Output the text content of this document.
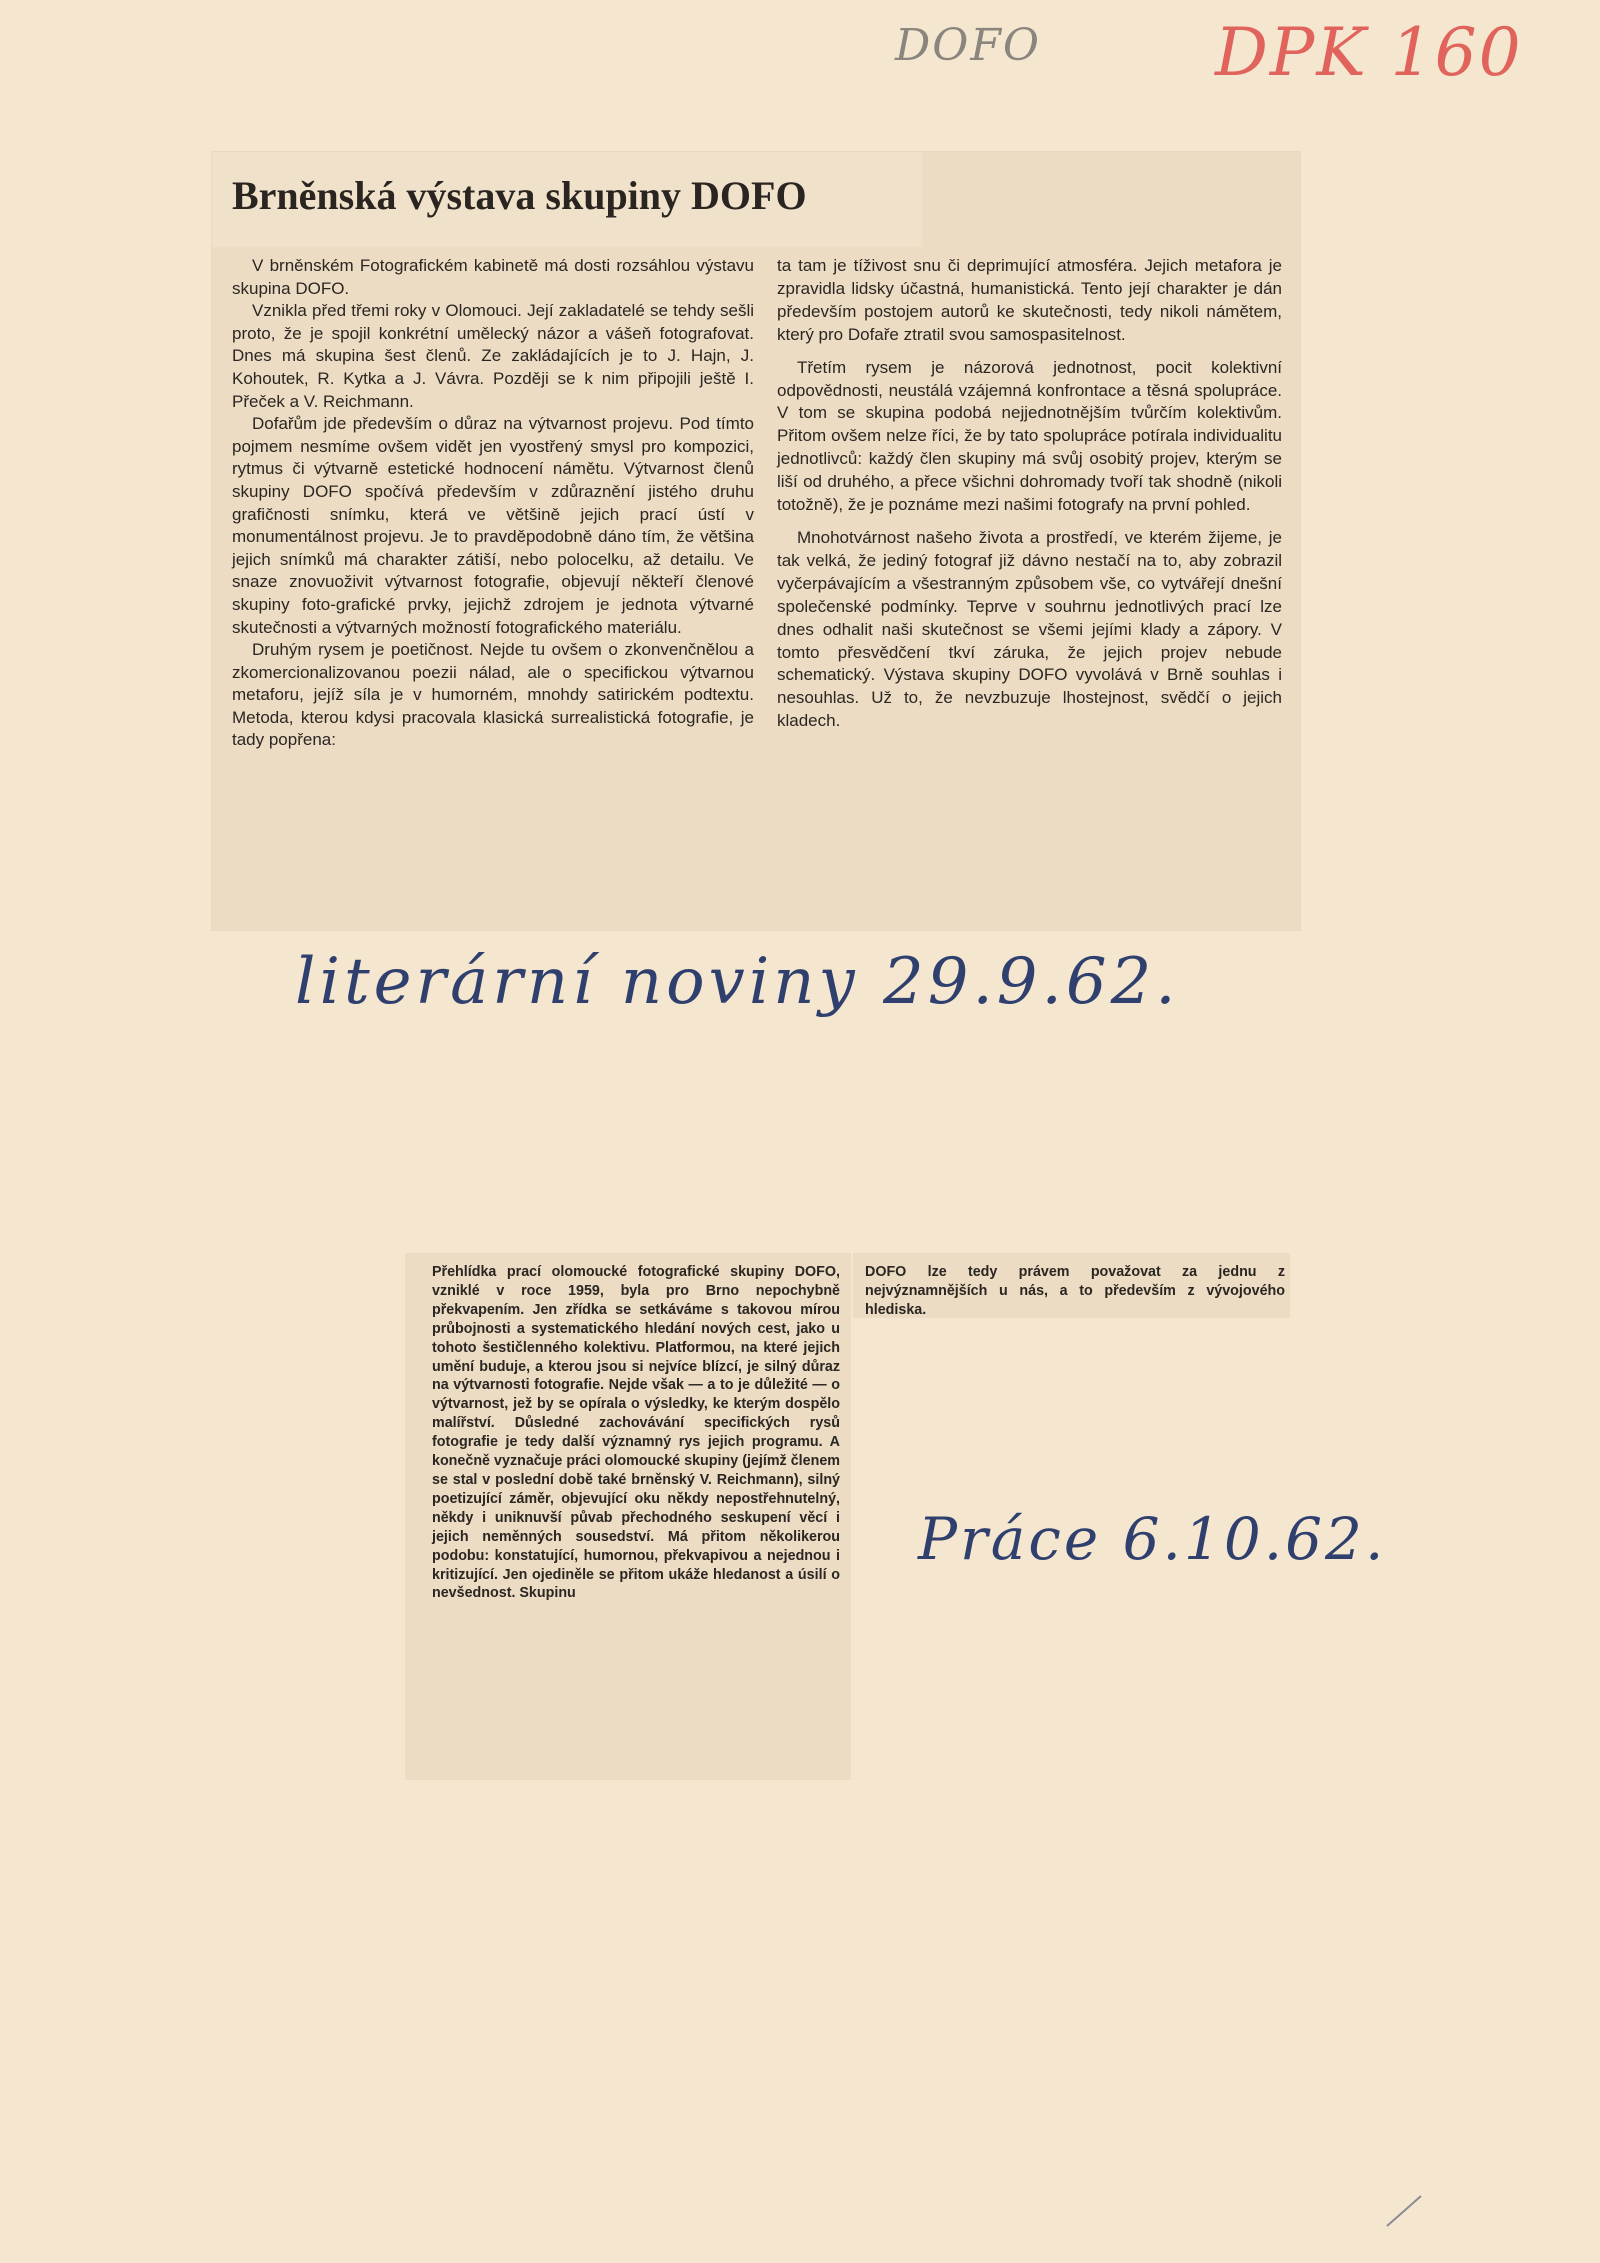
DOFO	DPK 160
Brněnská výstava skupiny DOFO

V brněnském Fotografickém kabinetě má dosti rozsáhlou výstavu skupina DOFO.

Vznikla před třemi roky v Olomouci. Její zakladatelé se tehdy sešli proto, že je spojil konkrétní umělecký názor a vášeň fotografovat. Dnes má skupina šest členů. Ze zakládajících je to J. Hajn, J. Kohoutek, R. Kytka a J. Vávra. Později se k nim připojili ještě I. Přeček a V. Reichmann.

Dofařům jde především o důraz na výtvarnost projevu. Pod tímto pojmem nesmíme ovšem vidět jen vyostřený smysl pro kompozici, rytmus či výtvarně estetické hodnocení námětu. Výtvarnost členů skupiny DOFO spočívá především v zdůraznění jistého druhu grafičnosti snímku, která ve většině jejich prací ústí v monumentálnost projevu. Je to pravděpodobně dáno tím, že většina jejich snímků má charakter zátiší, nebo polocelku, až detailu. Ve snaze znovuoživit výtvarnost fotografie, objevují někteří členové skupiny foto-grafické prvky, jejichž zdrojem je jednota výtvarné skutečnosti a výtvarných možností fotografického materiálu.

Druhým rysem je poetičnost. Nejde tu ovšem o zkonvenčnělou a zkomercionalizovanou poezii nálad, ale o specifickou výtvarnou metaforu, jejíž síla je v humorném, mnohdy satirickém podtextu. Metoda, kterou kdysi pracovala klasická surrealistická fotografie, je tady popřena:

ta tam je tíživost snu či deprimující atmosféra. Jejich metafora je zpravidla lidsky účastná, humanistická. Tento její charakter je dán především postojem autorů ke skutečnosti, tedy nikoli námětem, který pro Dofaře ztratil svou samospasitelnost.

Třetím rysem je názorová jednotnost, pocit kolektivní odpovědnosti, neustálá vzájemná konfrontace a těsná spolupráce. V tom se skupina podobá nejjednotnějším tvůrčím kolektivům. Přitom ovšem nelze říci, že by tato spolupráce potírala individualitu jednotlivců: každý člen skupiny má svůj osobitý projev, kterým se liší od druhého, a přece všichni dohromady tvoří tak shodně (nikoli totožně), že je poznáme mezi našimi fotografy na první pohled.

Mnohotvárnost našeho života a prostředí, ve kterém žijeme, je tak velká, že jediný fotograf již dávno nestačí na to, aby zobrazil vyčerpávajícím a všestranným způsobem vše, co vytvářejí dnešní společenské podmínky. Teprve v souhrnu jednotlivých prací lze dnes odhalit naši skutečnost se všemi jejími klady a zápory. V tomto přesvědčení tkví záruka, že jejich projev nebude schematický. Výstava skupiny DOFO vyvolává v Brně souhlas i nesouhlas. Už to, že nevzbuzuje lhostejnost, svědčí o jejich kladech.

literární noviny 29.9.62.

Přehlídka prací olomoucké fotografické skupiny DOFO, vzniklé v roce 1959, byla pro Brno nepochybně překvapením. Jen zřídka se setkáváme s takovou mírou průbojnosti a systematického hledání nových cest, jako u tohoto šestičlenného kolektivu. Platformou, na které jejich umění buduje, a kterou jsou si nejvíce blízcí, je silný důraz na výtvarnosti fotografie. Nejde však — a to je důležité — o výtvarnost, jež by se opírala o výsledky, ke kterým dospělo malířství. Důsledné zachovávání specifických rysů fotografie je tedy další významný rys jejich programu. A konečně vyznačuje práci olomoucké skupiny (jejímž členem se stal v poslední době také brněnský V. Reichmann), silný poetizující záměr, objevující oku někdy nepostřehnutelný, někdy i uniknuvší půvab přechodného seskupení věcí i jejich neměnných sousedství. Má přitom několikerou podobu: konstatující, humornou, překvapivou a nejednou i kritizující. Jen ojediněle se přitom ukáže hledanost a úsilí o nevšednost. Skupinu

DOFO lze tedy právem považovat za jednu z nejvýznamnějších u nás, a to především z vývojového hlediska.

Práce 6.10.62.
